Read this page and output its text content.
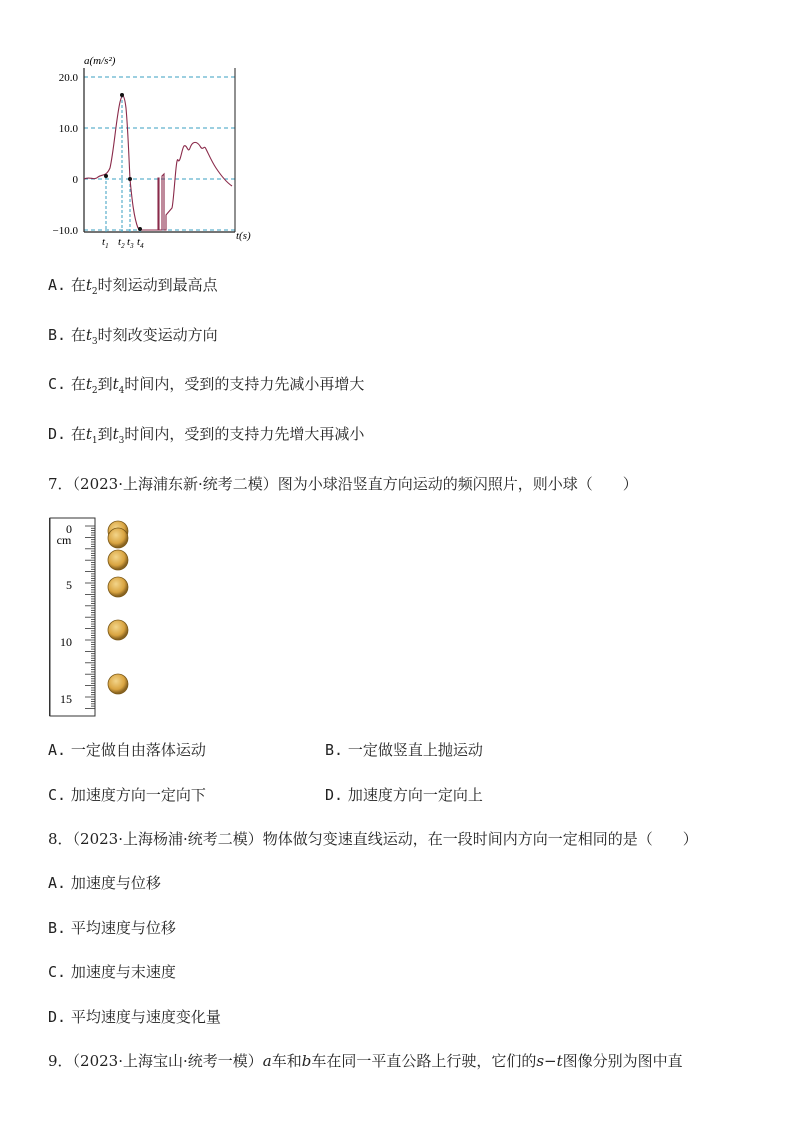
20.0
10.0
0
−10.0
a(m/s²)
t(s)
$t_1$ $t_2$ $t_3$ $t_4$
A. 在$t_2$时刻运动到最高点
B. 在$t_3$时刻改变运动方向
C. 在$t_2$到$t_4$时间内，受到的支持力先减小再增大
D. 在$t_1$到$t_3$时间内，受到的支持力先增大再减小
7．（2023·上海浦东新·统考二模）图为小球沿竖直方向运动的频闪照片，则小球（　　）
0
cm
5
10
15
A. 一定做自由落体运动	B. 一定做竖直上抛运动
C. 加速度方向一定向下	D. 加速度方向一定向上
8．（2023·上海杨浦·统考二模）物体做匀变速直线运动，在一段时间内方向一定相同的是（　　）
A. 加速度与位移
B. 平均速度与位移
C. 加速度与末速度
D. 平均速度与速度变化量
9．（2023·上海宝山·统考一模）a车和b车在同一平直公路上行驶，它们的s−t图像分别为图中直
